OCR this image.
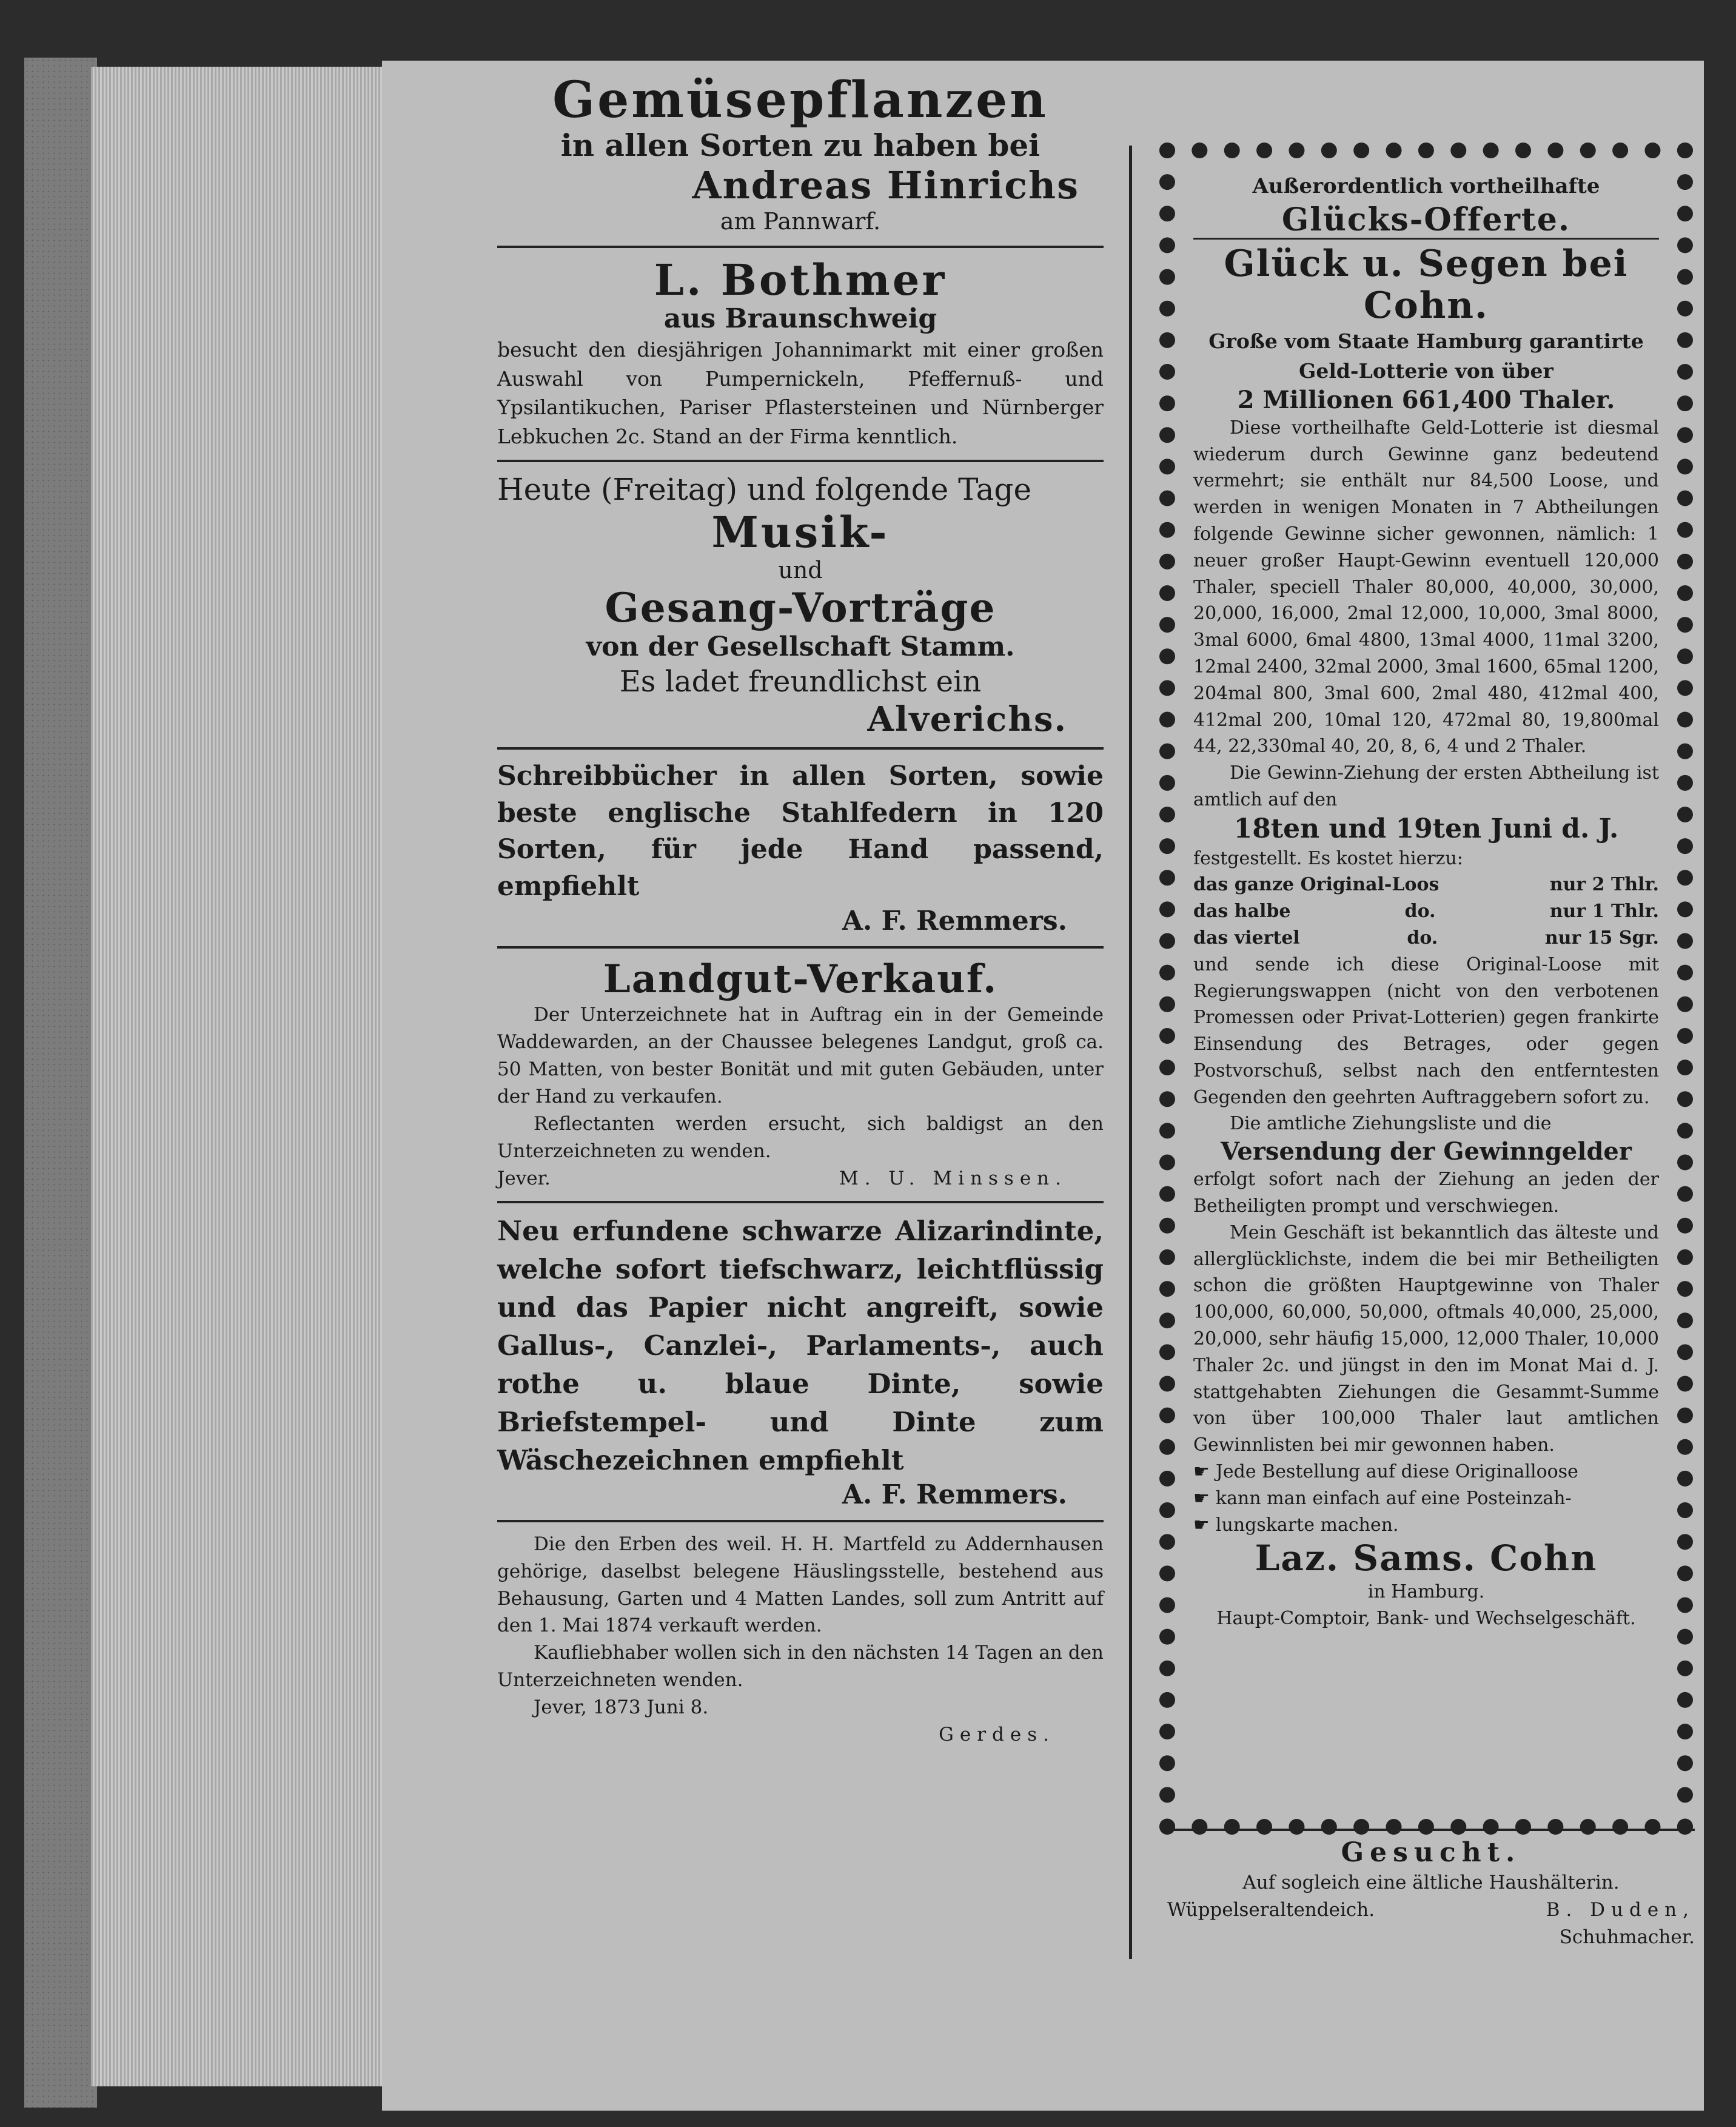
Gemüsepflanzen
in allen Sorten zu haben bei
Andreas Hinrichs
am Pannwarf.
L. Bothmer
aus Braunschweig
besucht den diesjährigen Johannimarkt mit einer großen Auswahl von Pumpernickeln, Pfeffernuß- und Ypsilantikuchen, Pariser Pflastersteinen und Nürnberger Lebkuchen 2c. Stand an der Firma kenntlich.
Heute (Freitag) und folgende Tage
Musik-
und
Gesang-Vorträge
von der Gesellschaft Stamm.
Es ladet freundlichst ein
Alverichs.
Schreibbücher in allen Sorten, sowie beste englische Stahlfedern in 120 Sorten, für jede Hand passend, empfiehlt
A. F. Remmers.
Landgut-Verkauf.
Der Unterzeichnete hat in Auftrag ein in der Gemeinde Waddewarden, an der Chaussee belegenes Landgut, groß ca. 50 Matten, von bester Bonität und mit guten Gebäuden, unter der Hand zu verkaufen.
Reflectanten werden ersucht, sich baldigst an den Unterzeichneten zu wenden.
Jever.	M. U. Minssen.
Neu erfundene schwarze Alizarindinte, welche sofort tiefschwarz, leichtflüssig und das Papier nicht angreift, sowie Gallus-, Canzlei-, Parlaments-, auch rothe u. blaue Dinte, sowie Briefstempel- und Dinte zum Wäschezeichnen empfiehlt
A. F. Remmers.
Die den Erben des weil. H. H. Martfeld zu Addernhausen gehörige, daselbst belegene Häuslingsstelle, bestehend aus Behausung, Garten und 4 Matten Landes, soll zum Antritt auf den 1. Mai 1874 verkauft werden.
Kaufliebhaber wollen sich in den nächsten 14 Tagen an den Unterzeichneten wenden.
Jever, 1873 Juni 8.
Gerdes.
Außerordentlich vortheilhafte
Glücks-Offerte.
Glück u. Segen bei Cohn.
Große vom Staate Hamburg garantirte Geld-Lotterie von über
2 Millionen 661,400 Thaler.
Diese vortheilhafte Geld-Lotterie ist diesmal wiederum durch Gewinne ganz bedeutend vermehrt; sie enthält nur 84,500 Loose, und werden in wenigen Monaten in 7 Abtheilungen folgende Gewinne sicher gewonnen, nämlich: 1 neuer großer Haupt-Gewinn eventuell 120,000 Thaler, speciell Thaler 80,000, 40,000, 30,000, 20,000, 16,000, 2mal 12,000, 10,000, 3mal 8000, 3mal 6000, 6mal 4800, 13mal 4000, 11mal 3200, 12mal 2400, 32mal 2000, 3mal 1600, 65mal 1200, 204mal 800, 3mal 600, 2mal 480, 412mal 400, 412mal 200, 10mal 120, 472mal 80, 19,800mal 44, 22,330mal 40, 20, 8, 6, 4 und 2 Thaler.
Die Gewinn-Ziehung der ersten Abtheilung ist amtlich auf den
18ten und 19ten Juni d. J.
festgestellt. Es kostet hierzu:
das ganze Original-Loos	nur 2 Thlr.
das halbe	do.	nur 1 Thlr.
das viertel	do.	nur 15 Sgr.
und sende ich diese Original-Loose mit Regierungswappen (nicht von den verbotenen Promessen oder Privat-Lotterien) gegen frankirte Einsendung des Betrages, oder gegen Postvorschuß, selbst nach den entferntesten Gegenden den geehrten Auftraggebern sofort zu.
Die amtliche Ziehungsliste und die
Versendung der Gewinngelder
erfolgt sofort nach der Ziehung an jeden der Betheiligten prompt und verschwiegen.
Mein Geschäft ist bekanntlich das älteste und allerglücklichste, indem die bei mir Betheiligten schon die größten Hauptgewinne von Thaler 100,000, 60,000, 50,000, oftmals 40,000, 25,000, 20,000, sehr häufig 15,000, 12,000 Thaler, 10,000 Thaler 2c. und jüngst in den im Monat Mai d. J. stattgehabten Ziehungen die Gesammt-Summe von über 100,000 Thaler laut amtlichen Gewinnlisten bei mir gewonnen haben.
☛ Jede Bestellung auf diese Originalloose
☛ kann man einfach auf eine Posteinzah-
☛ lungskarte machen.
Laz. Sams. Cohn
in Hamburg.
Haupt-Comptoir, Bank- und Wechselgeschäft.
Gesucht.
Auf sogleich eine ältliche Haushälterin.
Wüppelseraltendeich.	B. Duden,
Schuhmacher.
